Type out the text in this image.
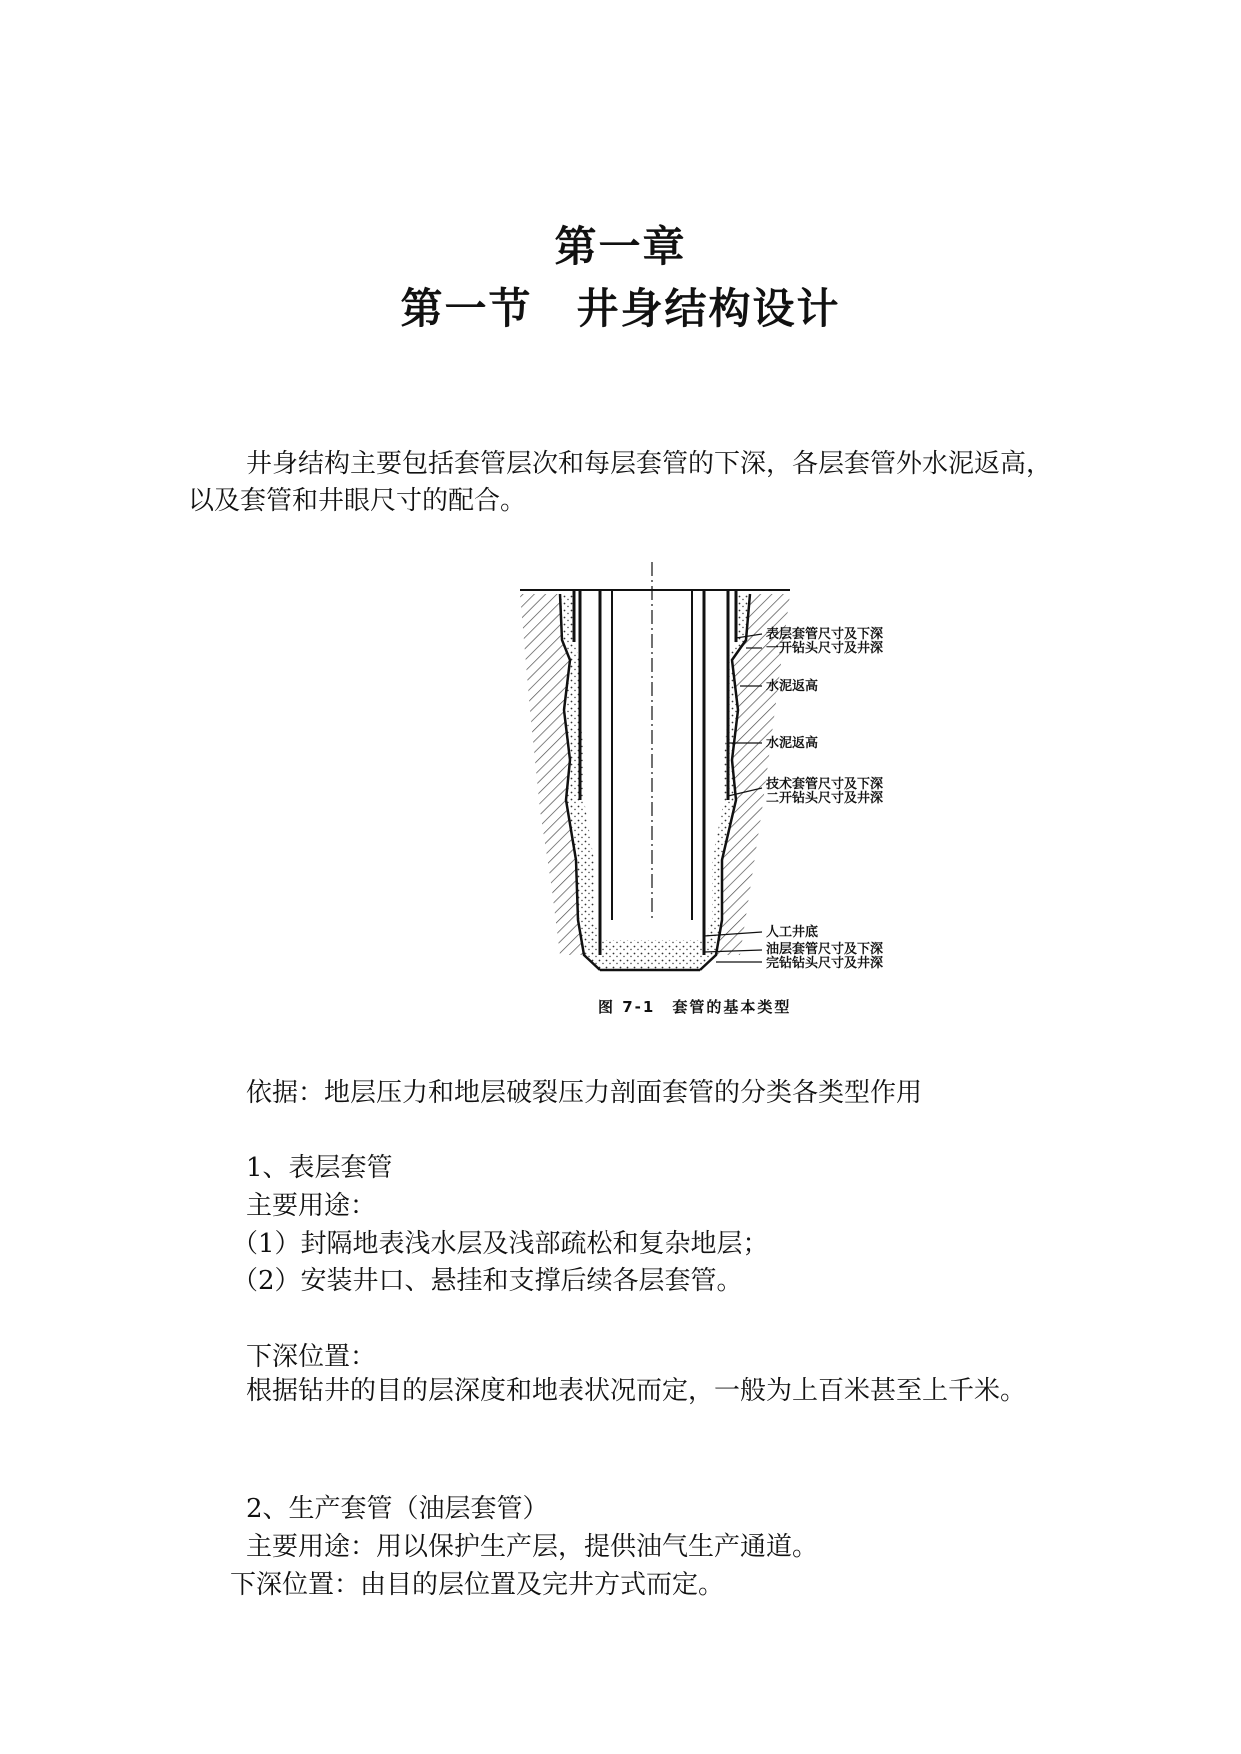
第一章
第一节　井身结构设计
井身结构主要包括套管层次和每层套管的下深，各层套管外水泥返高，以及套管和井眼尺寸的配合。
表层套管尺寸及下深
一开钻头尺寸及井深
水泥返高
水泥返高
技术套管尺寸及下深
二开钻头尺寸及井深
人工井底
油层套管尺寸及下深
完钻钻头尺寸及井深
图 7-1　套管的基本类型
依据：地层压力和地层破裂压力剖面套管的分类各类型作用
1、表层套管
主要用途：
（1）封隔地表浅水层及浅部疏松和复杂地层；
（2）安装井口、悬挂和支撑后续各层套管。
下深位置：
根据钻井的目的层深度和地表状况而定，一般为上百米甚至上千米。
2、生产套管（油层套管）
主要用途：用以保护生产层，提供油气生产通道。
下深位置：由目的层位置及完井方式而定。
